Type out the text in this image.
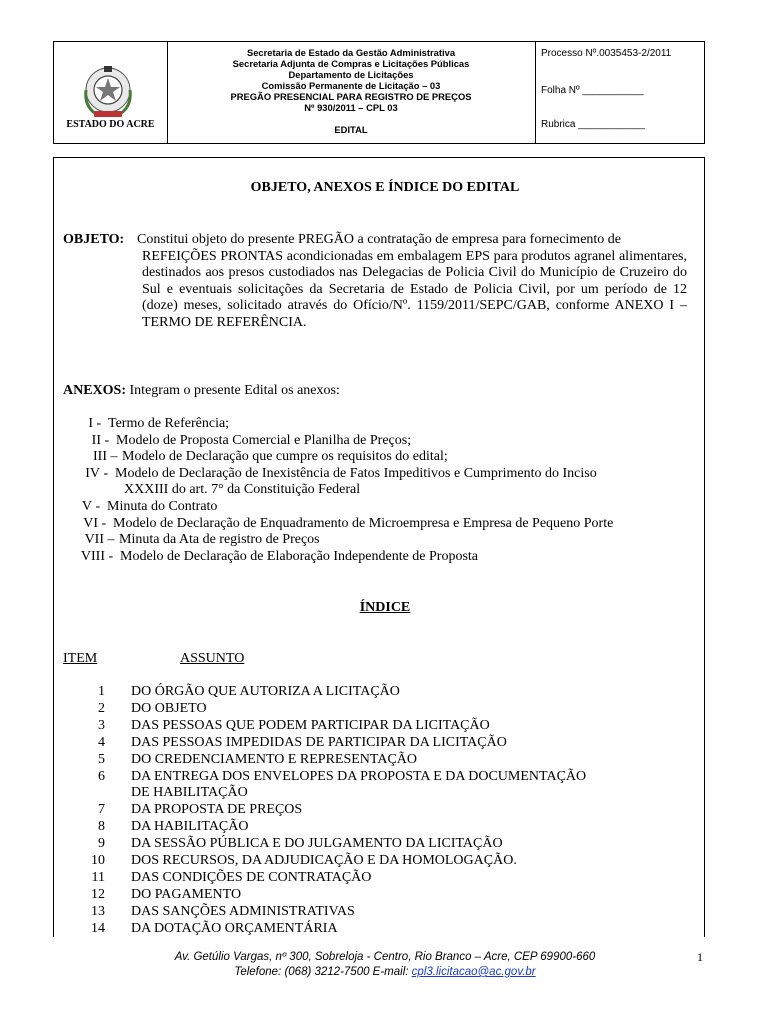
ESTADO DO ACRE
Secretaria de Estado da Gestão Administrativa
Secretaria Adjunta de Compras e Licitações Públicas
Departamento de Licitações
Comissão Permanente de Licitação – 03
PREGÃO PRESENCIAL PARA REGISTRO DE PREÇOS
Nº 930/2011 – CPL 03
EDITAL
Processo Nº.0035453-2/2011
Folha Nº ___________
Rubrica ____________
OBJETO, ANEXOS E ÍNDICE DO EDITAL
Constitui objeto do presente PREGÃO a contratação de empresa para fornecimento de
OBJETO:
REFEIÇÕES PRONTAS acondicionadas em embalagem EPS para produtos agranel alimentares, destinados aos presos custodiados nas Delegacias de Policia Civil do Município de Cruzeiro do Sul e eventuais solicitações da Secretaria de Estado de Policia Civil, por um período de 12 (doze) meses, solicitado através do Ofício/Nº. 1159/2011/SEPC/GAB, conforme ANEXO I – TERMO DE REFERÊNCIA.
ANEXOS: Integram o presente Edital os anexos:
I - Termo de Referência;
II - Modelo de Proposta Comercial e Planilha de Preços;
III – Modelo de Declaração que cumpre os requisitos do edital;
IV - Modelo de Declaração de Inexistência de Fatos Impeditivos e Cumprimento do Inciso
XXXIII do art. 7° da Constituição Federal
V - Minuta do Contrato
VI - Modelo de Declaração de Enquadramento de Microempresa e Empresa de Pequeno Porte
VII – Minuta da Ata de registro de Preços
VIII - Modelo de Declaração de Elaboração Independente de Proposta
ÍNDICE
ITEM	ASSUNTO
1 DO ÓRGÃO QUE AUTORIZA A LICITAÇÃO
2 DO OBJETO
3 DAS PESSOAS QUE PODEM PARTICIPAR DA LICITAÇÃO
4 DAS PESSOAS IMPEDIDAS DE PARTICIPAR DA LICITAÇÃO
5 DO CREDENCIAMENTO E REPRESENTAÇÃO
6 DA ENTREGA DOS ENVELOPES DA PROPOSTA E DA DOCUMENTAÇÃO
DE HABILITAÇÃO
7 DA PROPOSTA DE PREÇOS
8 DA HABILITAÇÃO
9 DA SESSÃO PÚBLICA E DO JULGAMENTO DA LICITAÇÃO
10 DOS RECURSOS, DA ADJUDICAÇÃO E DA HOMOLOGAÇÃO.
11 DAS CONDIÇÕES DE CONTRATAÇÃO
12 DO PAGAMENTO
13 DAS SANÇÕES ADMINISTRATIVAS
14 DA DOTAÇÃO ORÇAMENTÁRIA
Av. Getúlio Vargas, nº 300, Sobreloja - Centro, Rio Branco – Acre, CEP 69900-660
Telefone: (068) 3212-7500 E-mail: cpl3.licitacao@ac.gov.br
1
